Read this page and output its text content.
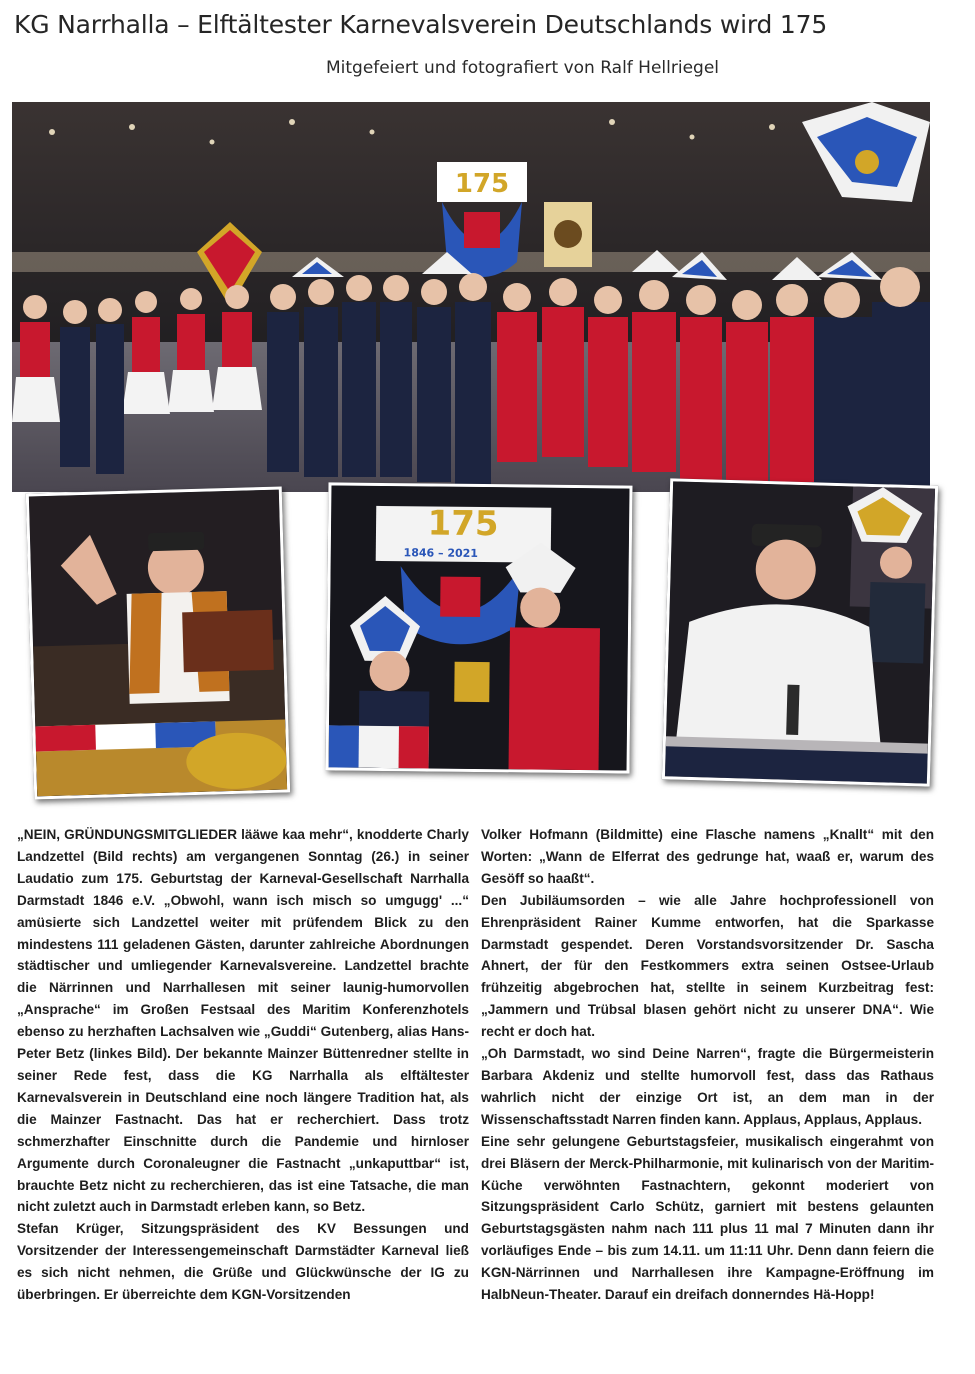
KG Narrhalla – Elftältester Karnevalsverein Deutschlands wird 175
Mitgefeiert und fotografiert von Ralf Hellriegel
175
175
1846 – 2021

„NEIN, GRÜNDUNGSMITGLIEDER lääwe kaa mehr“, knodderte Charly Landzettel (Bild rechts) am vergangenen Sonntag (26.) in seiner Laudatio zum 175. Geburtstag der Karneval-Gesellschaft Narrhalla Darmstadt 1846 e.V. „Obwohl, wann isch misch so umgugg' ...“ amüsierte sich Landzettel weiter mit prüfendem Blick zu den mindestens 111 geladenen Gästen, darunter zahlreiche Abordnungen städtischer und umliegender Karnevalsvereine. Landzettel brachte die Närrinnen und Narrhallesen mit seiner launig-humorvollen „Ansprache“ im Großen Festsaal des Maritim Konferenzhotels ebenso zu herzhaften Lachsalven wie „Guddi“ Gutenberg, alias Hans-Peter Betz (linkes Bild). Der bekannte Mainzer Büttenredner stellte in seiner Rede fest, dass die KG Narrhalla als elftältester Karnevalsverein in Deutschland eine noch längere Tradition hat, als die Mainzer Fastnacht. Das hat er recherchiert. Dass trotz schmerzhafter Einschnitte durch die Pandemie und hirnloser Argumente durch Coronaleugner die Fastnacht „unkaputtbar“ ist, brauchte Betz nicht zu recherchieren, das ist eine Tatsache, die man nicht zuletzt auch in Darmstadt erleben kann, so Betz.

Stefan Krüger, Sitzungspräsident des KV Bessungen und Vorsitzender der Interessengemeinschaft Darmstädter Karneval ließ es sich nicht nehmen, die Grüße und Glückwünsche der IG zu überbringen. Er überreichte dem KGN-Vorsitzenden

Volker Hofmann (Bildmitte) eine Flasche namens „Knallt“ mit den Worten: „Wann de Elferrat des gedrunge hat, waaß er, warum des Gesöff so haaßt“.

Den Jubiläumsorden – wie alle Jahre hochprofessionell von Ehrenpräsident Rainer Kumme entworfen, hat die Sparkasse Darmstadt gespendet. Deren Vorstandsvorsitzender Dr. Sascha Ahnert, der für den Festkommers extra seinen Ostsee-Urlaub frühzeitig abgebrochen hat, stellte in seinem Kurzbeitrag fest: „Jammern und Trübsal blasen gehört nicht zu unserer DNA“. Wie recht er doch hat.

„Oh Darmstadt, wo sind Deine Narren“, fragte die Bürgermeisterin Barbara Akdeniz und stellte humorvoll fest, dass das Rathaus wahrlich nicht der einzige Ort ist, an dem man in der Wissenschaftsstadt Narren finden kann. Applaus, Applaus, Applaus.

Eine sehr gelungene Geburtstagsfeier, musikalisch eingerahmt von drei Bläsern der Merck-Philharmonie, mit kulinarisch von der Maritim-Küche verwöhnten Fastnachtern, gekonnt moderiert von Sitzungspräsident Carlo Schütz, garniert mit bestens gelaunten Geburtstagsgästen nahm nach 111 plus 11 mal 7 Minuten dann ihr vorläufiges Ende – bis zum 14.11. um 11:11 Uhr. Denn dann feiern die KGN-Närrinnen und Narrhallesen ihre Kampagne-Eröffnung im HalbNeun-Theater. Darauf ein dreifach donnerndes Hä-Hopp!
